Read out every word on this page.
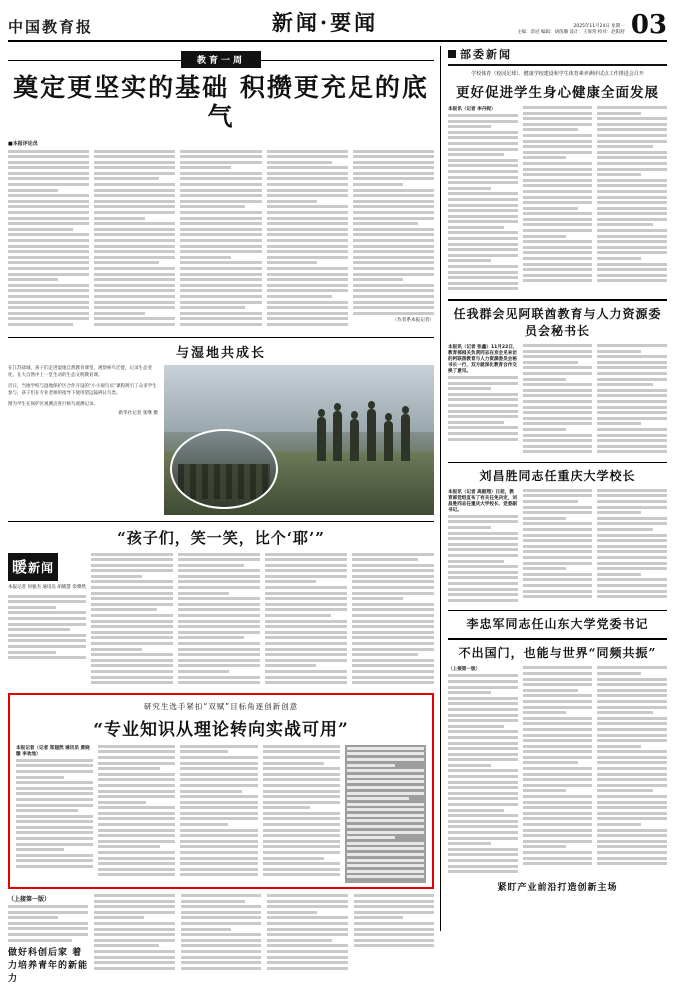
中国教育报	新闻·要闻	2025年11月24日 星期一
主编：余冠 编辑：胡茵璐 设计：王保常 校对：赵阳舒 03
教育一周
奠定更坚实的基础 积攒更充足的底气
■本报评论员
（作者系本报记者）
与湿地共成长
在江苏盐城，孩子们走进湿地自然教育课堂，观察候鸟迁徙，记录生态变化，在大自然中上一堂生动的生态文明教育课。
近日，当地学校与湿地保护区合作开设的“小小观鸟员”课程吸引了众多学生参与，孩子们在专业老师的指导下使用望远镜辨认鸟类。
图为学生在保护区观测点进行候鸟观测记录。
新华社记者 张继 摄
“孩子们，笑一笑，比个‘耶’”
暖新闻
本报记者 何强杰 通讯员 胡晓慧 余肇然
研究生选手紧扣“双赋”目标角逐创新创意
“专业知识从理论转向实战可用”
本报记者（记者 郑翅然 通讯员 黄晓璇 李欢池）
（上接第一版）
做好科创后家 着力培养青年的新能力
部委新闻
学校体育（校园足球）、健康学校建设和学生体育素养测评试点工作推进会召开
更好促进学生身心健康全面发展
本报讯（记者 李丹妮）
任我群会见阿联酋教育与人力资源委员会秘书长
本报讯（记者 张鑫）11月22日，教育部相关负责同志在京会见来访的阿联酋教育与人力资源委员会秘书长一行，双方就深化教育合作交换了意见。
刘昌胜同志任重庆大学校长
本报讯（记者 高毅翔）日前，教育部党组宣布了有关任免决定，刘昌胜同志任重庆大学校长、党委副书记。
李忠军同志任山东大学党委书记
不出国门，也能与世界“同频共振”
（上接第一版）
紧盯产业前沿打造创新主场
